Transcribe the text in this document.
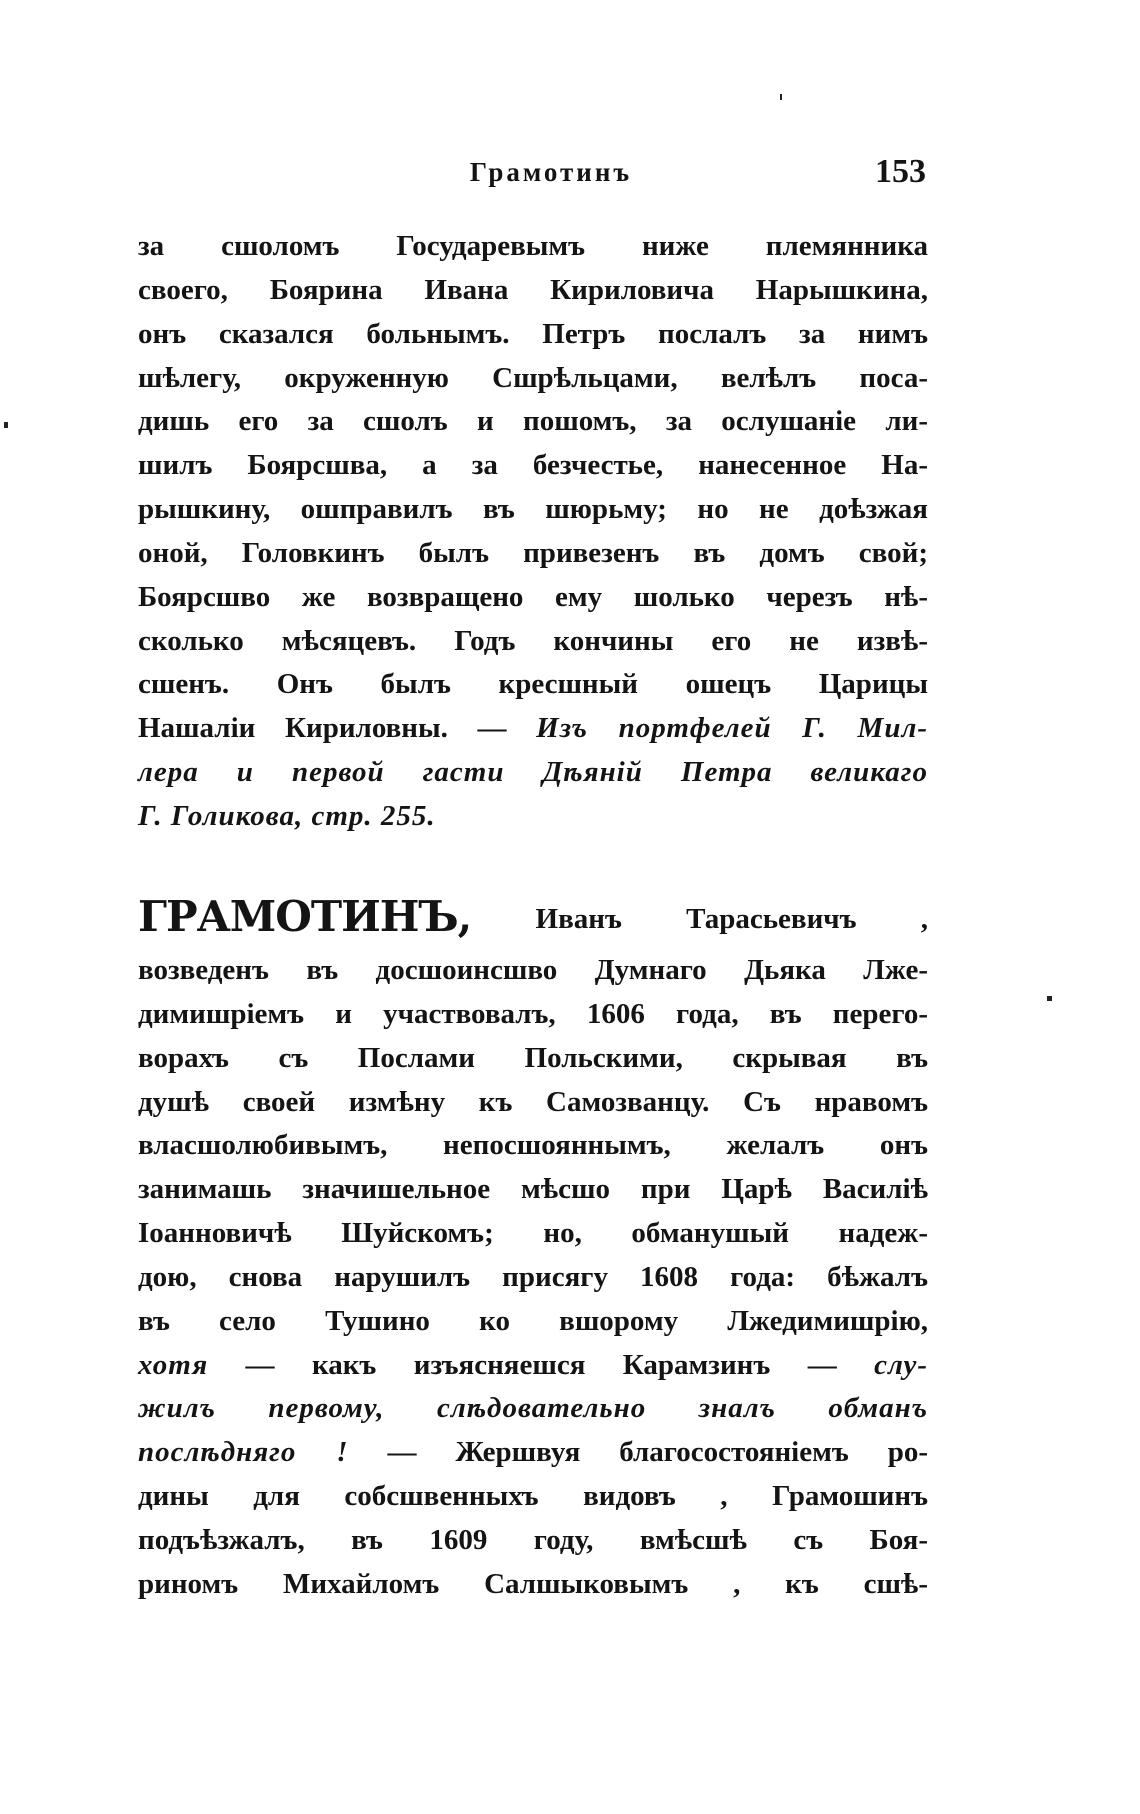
Грамотинъ	153
за сшоломъ Государевымъ ниже племянника
своего, Боярина Ивана Кириловича Нарышкина,
онъ сказался больнымъ. Петръ послалъ за нимъ
шѣлегу, окруженную Сшрѣльцами, велѣлъ поса-
дишь его за сшолъ и пошомъ, за ослушаніе ли-
шилъ Боярсшва, а за безчестье, нанесенное На-
рышкину, ошправилъ въ шюрьму; но не доѣзжая
оной, Головкинъ былъ привезенъ въ домъ свой;
Боярсшво же возвращено ему шолько черезъ нѣ-
сколько мѣсяцевъ. Годъ кончины его не извѣ-
сшенъ. Онъ былъ кресшный ошецъ Царицы
Нашаліи Кириловны. — Изъ портфелей Г. Мил-
лера и первой гасти Дѣяній Петра великаго
Г. Голикова, стр. 255.
ГРАМОТИНЪ, Иванъ Тарасьевичъ ,
возведенъ въ досшоинсшво Думнаго Дьяка Лже-
димишріемъ и участвовалъ, 1606 года, въ перего-
ворахъ съ Послами Польскими, скрывая въ
душѣ своей измѣну къ Самозванцу. Съ нравомъ
власшолюбивымъ, непосшояннымъ, желалъ онъ
занимашь значишельное мѣсшо при Царѣ Василіѣ
Іоанновичѣ Шуйскомъ; но, обманушый надеж-
дою, снова нарушилъ присягу 1608 года: бѣжалъ
въ село Тушино ко вшорому Лжедимишрію,
хотя — какъ изъясняешся Карамзинъ — слу-
жилъ первому, слѣдовательно зналъ обманъ
послѣдняго ! — Жершвуя благосостояніемъ ро-
дины для собсшвенныхъ видовъ , Грамошинъ
подъѣзжалъ, въ 1609 году, вмѣсшѣ съ Боя-
риномъ Михайломъ Салшыковымъ , къ сшѣ-
